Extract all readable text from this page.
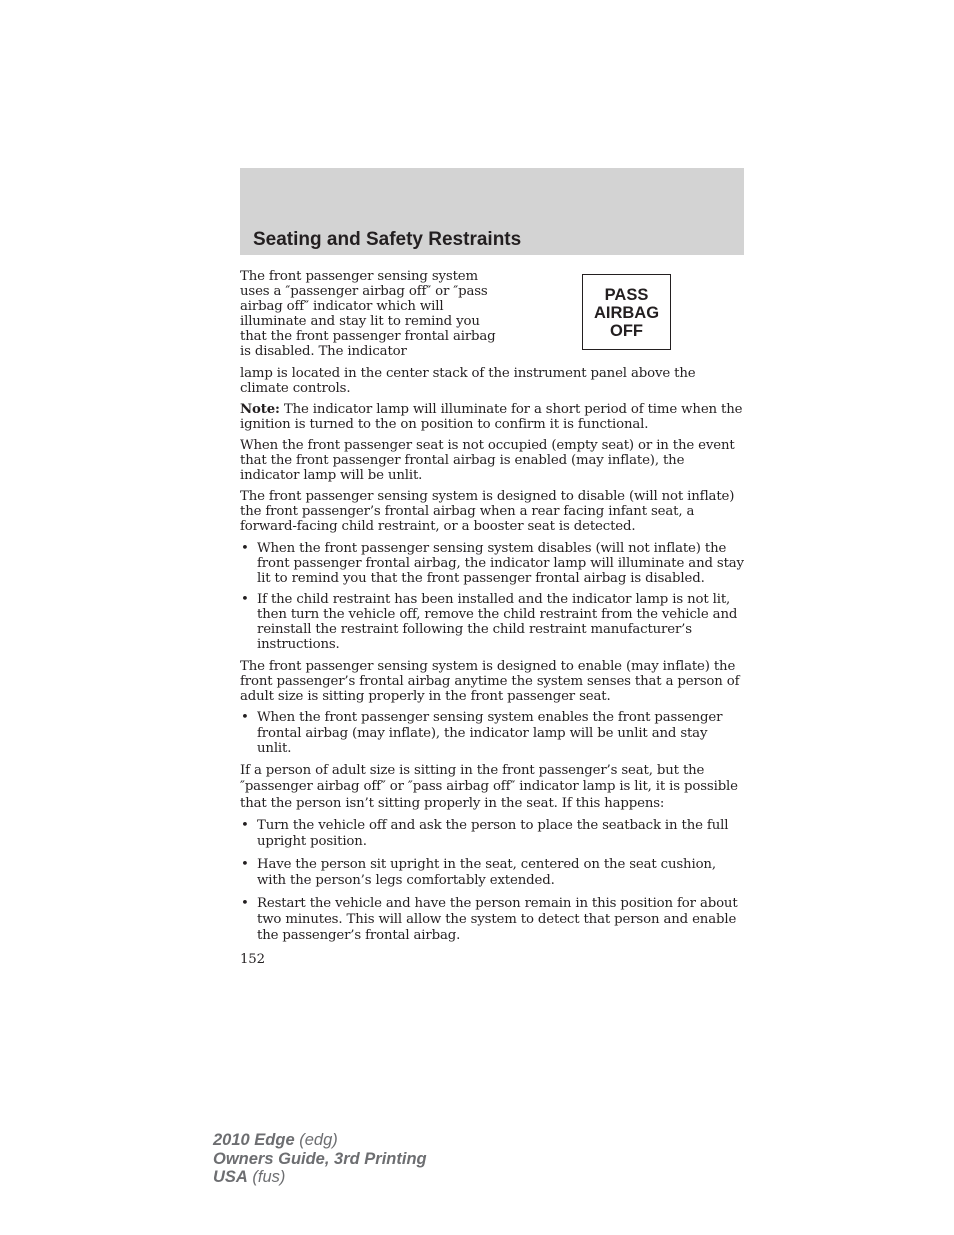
Seating and Safety Restraints
PASS
AIRBAG
OFF

The front passenger sensing system uses a ″passenger airbag off″ or ″pass airbag off″ indicator which will illuminate and stay lit to remind you that the front passenger frontal airbag is disabled. The indicator

lamp is located in the center stack of the instrument panel above the climate controls.

Note: The indicator lamp will illuminate for a short period of time when the ignition is turned to the on position to confirm it is functional.

When the front passenger seat is not occupied (empty seat) or in the event that the front passenger frontal airbag is enabled (may inflate), the indicator lamp will be unlit.

The front passenger sensing system is designed to disable (will not inflate) the front passenger’s frontal airbag when a rear facing infant seat, a forward-facing child restraint, or a booster seat is detected.

• When the front passenger sensing system disables (will not inflate) the front passenger frontal airbag, the indicator lamp will illuminate and stay lit to remind you that the front passenger frontal airbag is disabled.
• If the child restraint has been installed and the indicator lamp is not lit, then turn the vehicle off, remove the child restraint from the vehicle and reinstall the restraint following the child restraint manufacturer’s instructions.

The front passenger sensing system is designed to enable (may inflate) the front passenger’s frontal airbag anytime the system senses that a person of adult size is sitting properly in the front passenger seat.

• When the front passenger sensing system enables the front passenger frontal airbag (may inflate), the indicator lamp will be unlit and stay unlit.

If a person of adult size is sitting in the front passenger’s seat, but the ″passenger airbag off″ or ″pass airbag off″ indicator lamp is lit, it is possible that the person isn’t sitting properly in the seat. If this happens:

• Turn the vehicle off and ask the person to place the seatback in the full upright position.
• Have the person sit upright in the seat, centered on the seat cushion, with the person’s legs comfortably extended.
• Restart the vehicle and have the person remain in this position for about two minutes. This will allow the system to detect that person and enable the passenger’s frontal airbag.
152
2010 Edge (edg)
Owners Guide, 3rd Printing
USA (fus)
